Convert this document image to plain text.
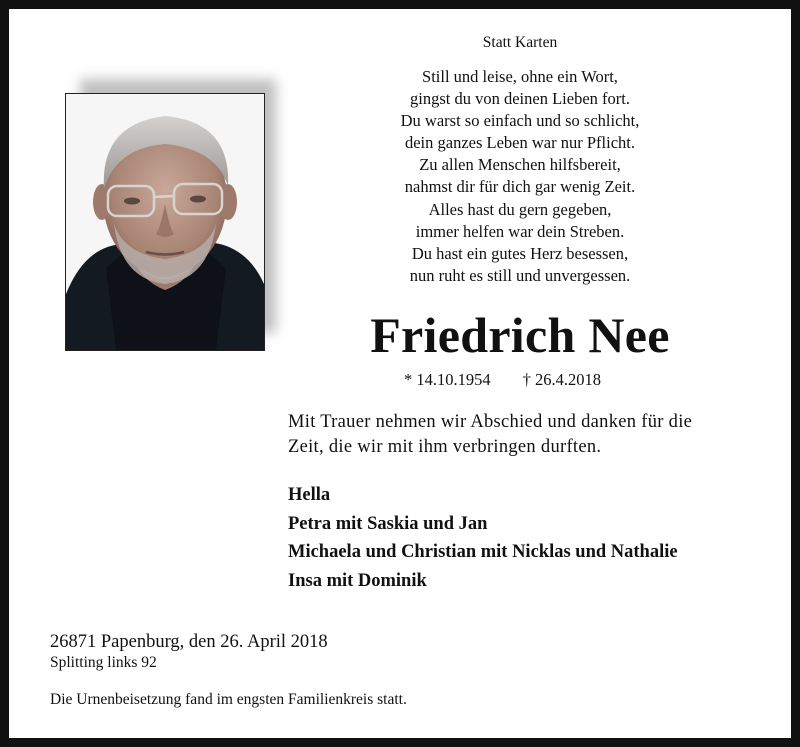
Statt Karten
Still und leise, ohne ein Wort,
gingst du von deinen Lieben fort.
Du warst so einfach und so schlicht,
dein ganzes Leben war nur Pflicht.
Zu allen Menschen hilfsbereit,
nahmst dir für dich gar wenig Zeit.
Alles hast du gern gegeben,
immer helfen war dein Streben.
Du hast ein gutes Herz besessen,
nun ruht es still und unvergessen.
Friedrich Nee
* 14.10.1954 † 26.4.2018
Mit Trauer nehmen wir Abschied und danken für die
Zeit, die wir mit ihm verbringen durften.
Hella
Petra mit Saskia und Jan
Michaela und Christian mit Nicklas und Nathalie
Insa mit Dominik
26871 Papenburg, den 26. April 2018
Splitting links 92
Die Urnenbeisetzung fand im engsten Familienkreis statt.
